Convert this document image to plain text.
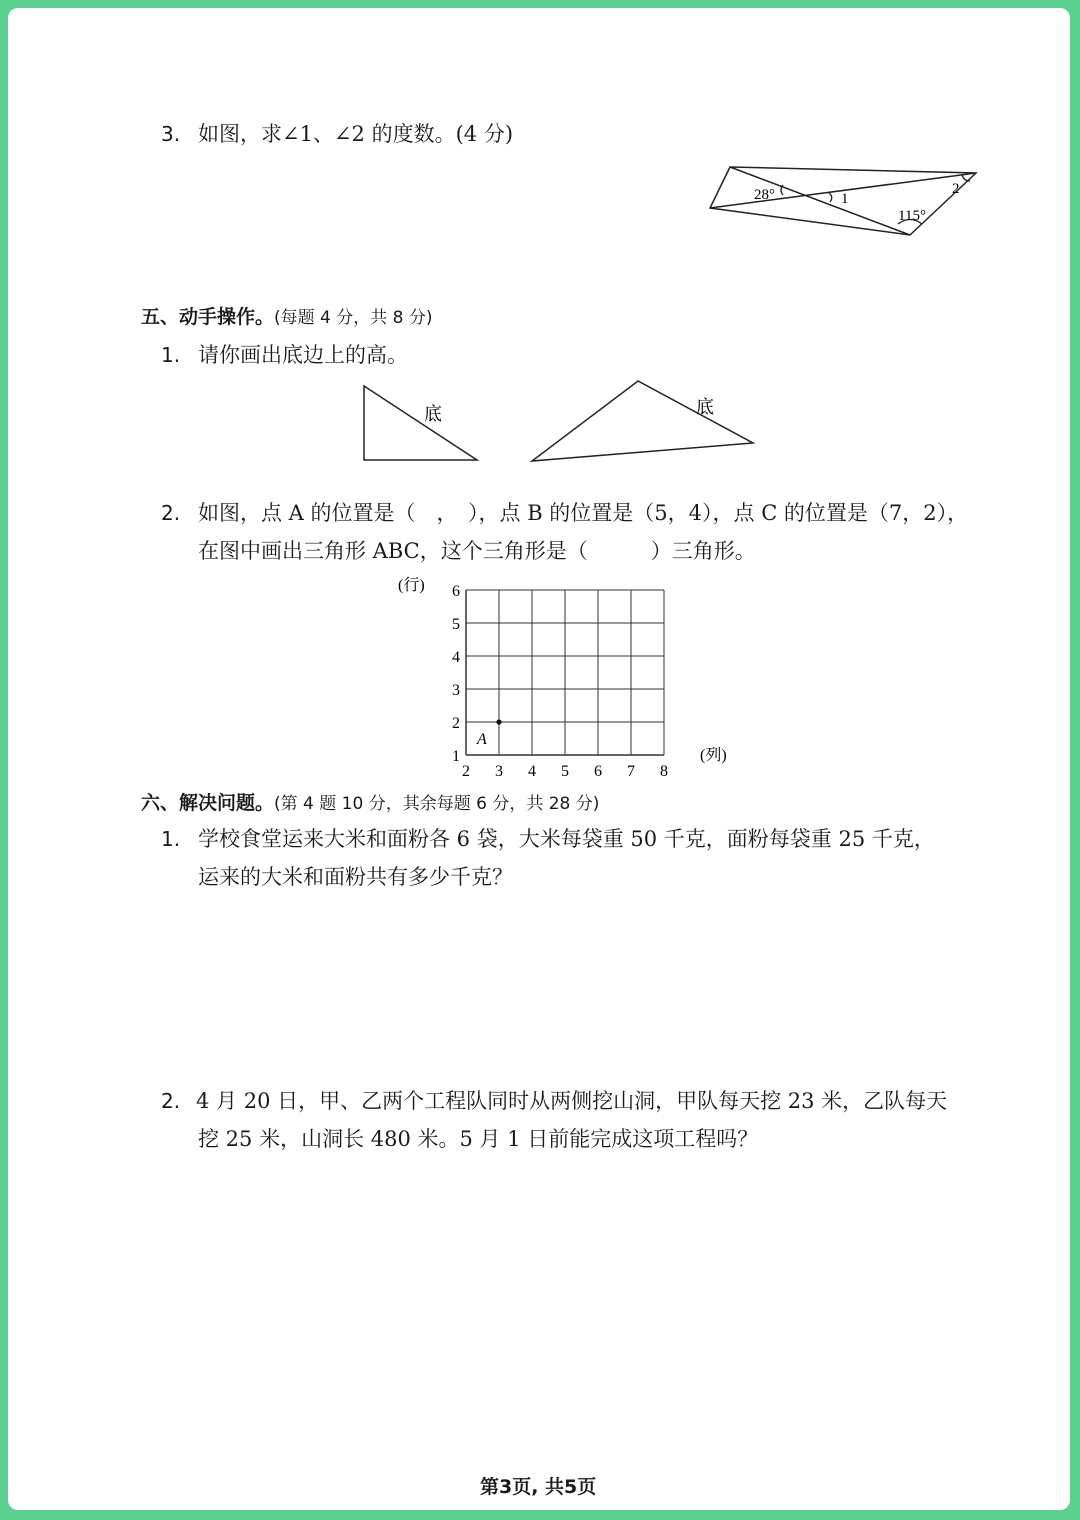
3. 如图，求∠1、∠2 的度数。(4 分)
28°	1
2
115°
五、动手操作。(每题 4 分，共 8 分)
1. 请你画出底边上的高。
底	底
2. 如图，点 A 的位置是（　，　），点 B 的位置是（5，4），点 C 的位置是（7，2），
在图中画出三角形 ABC，这个三角形是（　　　）三角形。
1
2
3
4
5
6
2 3 4 5 6 7 8
(行)
(列)
A
六、解决问题。(第 4 题 10 分，其余每题 6 分，共 28 分)
1. 学校食堂运来大米和面粉各 6 袋，大米每袋重 50 千克，面粉每袋重 25 千克，
运来的大米和面粉共有多少千克？
2. 4 月 20 日，甲、乙两个工程队同时从两侧挖山洞，甲队每天挖 23 米，乙队每天
挖 25 米，山洞长 480 米。5 月 1 日前能完成这项工程吗？
第3页, 共5页
